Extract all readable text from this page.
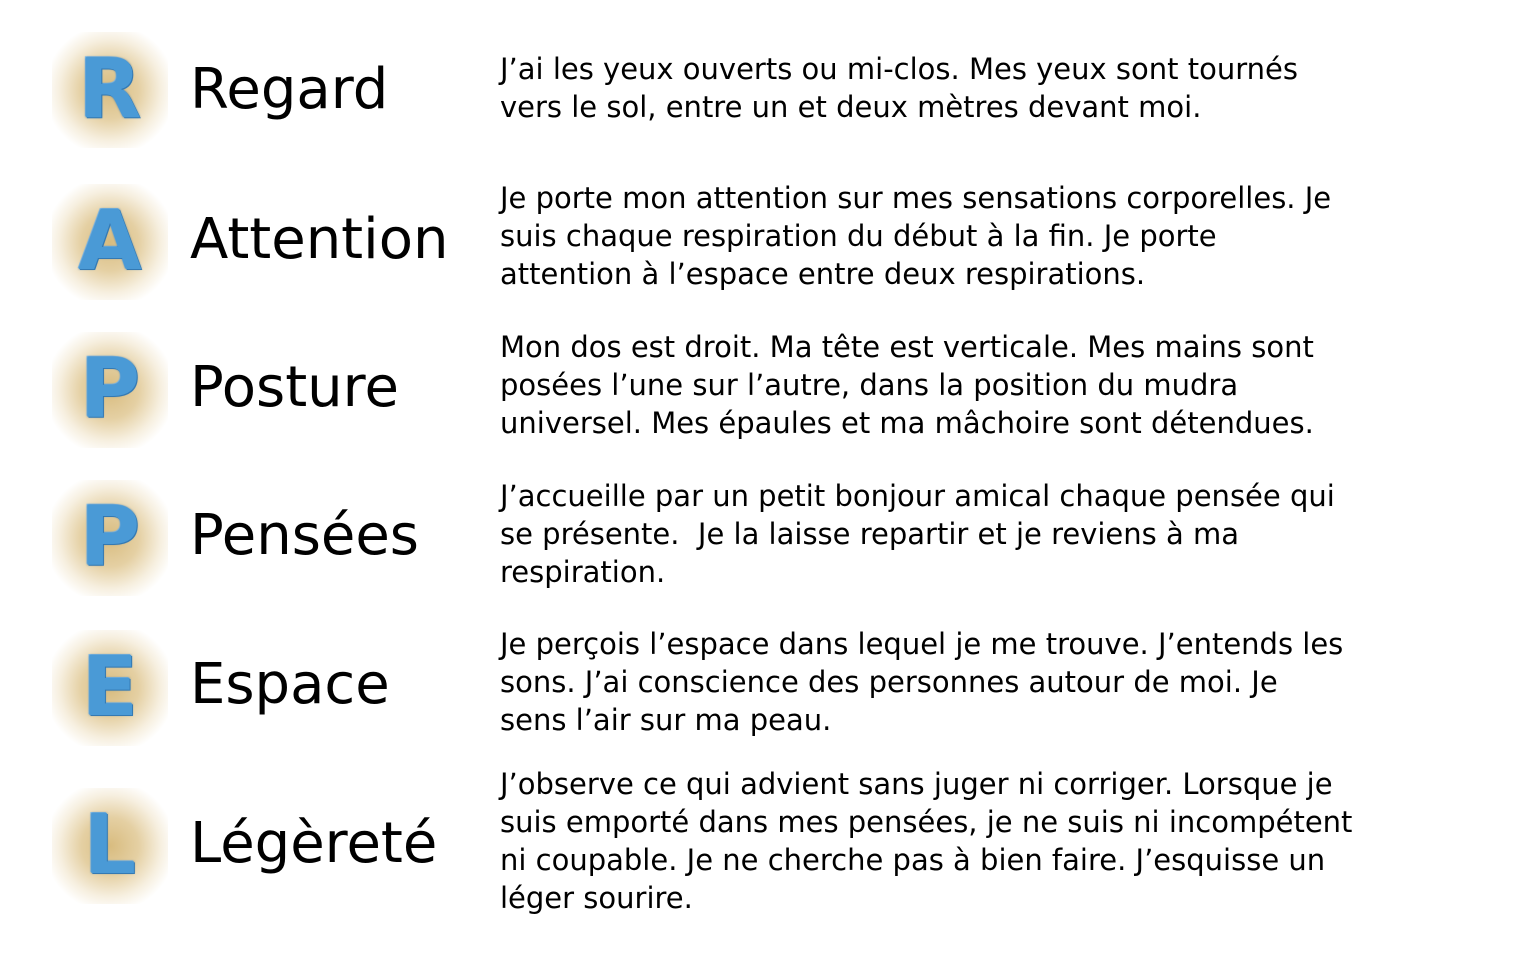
R Regard	J’ai les yeux ouverts ou mi-clos. Mes yeux sont tournés
vers le sol, entre un et deux mètres devant moi.
A Attention
Je porte mon attention sur mes sensations corporelles. Je
suis chaque respiration du début à la fin. Je porte
attention à l’espace entre deux respirations.
P Posture
Mon dos est droit. Ma tête est verticale. Mes mains sont
posées l’une sur l’autre, dans la position du mudra
universel. Mes épaules et ma mâchoire sont détendues.
P Pensées
J’accueille par un petit bonjour amical chaque pensée qui
se présente.  Je la laisse repartir et je reviens à ma
respiration.
E Espace
Je perçois l’espace dans lequel je me trouve. J’entends les
sons. J’ai conscience des personnes autour de moi. Je
sens l’air sur ma peau.
L Légèreté
J’observe ce qui advient sans juger ni corriger. Lorsque je
suis emporté dans mes pensées, je ne suis ni incompétent
ni coupable. Je ne cherche pas à bien faire. J’esquisse un
léger sourire.
